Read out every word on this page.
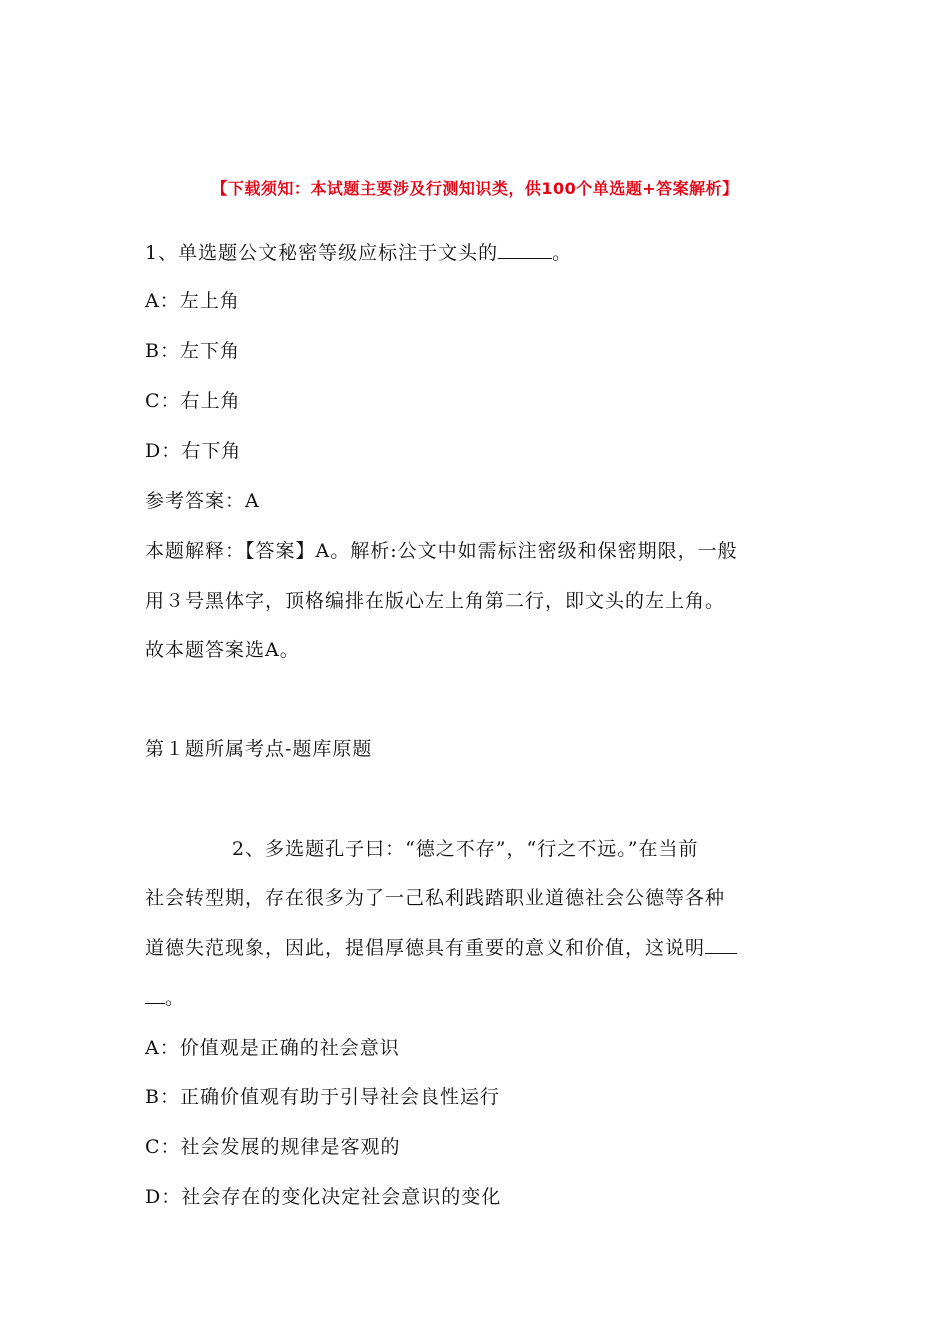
【下载须知：本试题主要涉及行测知识类，供100个单选题+答案解析】
1、单选题公文秘密等级应标注于文头的	。
A：左上角
B：左下角
C：右上角
D：右下角
参考答案：A
本题解释：【答案】A。解析:公文中如需标注密级和保密期限，一般
用３号黑体字，顶格编排在版心左上角第二行，即文头的左上角。
故本题答案选A。
第１题所属考点-题库原题
2、多选题孔子曰：“德之不存”，“行之不远。”在当前
社会转型期，存在很多为了一己私利践踏职业道德社会公德等各种
道德失范现象，因此，提倡厚德具有重要的意义和价值，这说明
。
A：价值观是正确的社会意识
B：正确价值观有助于引导社会良性运行
C：社会发展的规律是客观的
D：社会存在的变化决定社会意识的变化
